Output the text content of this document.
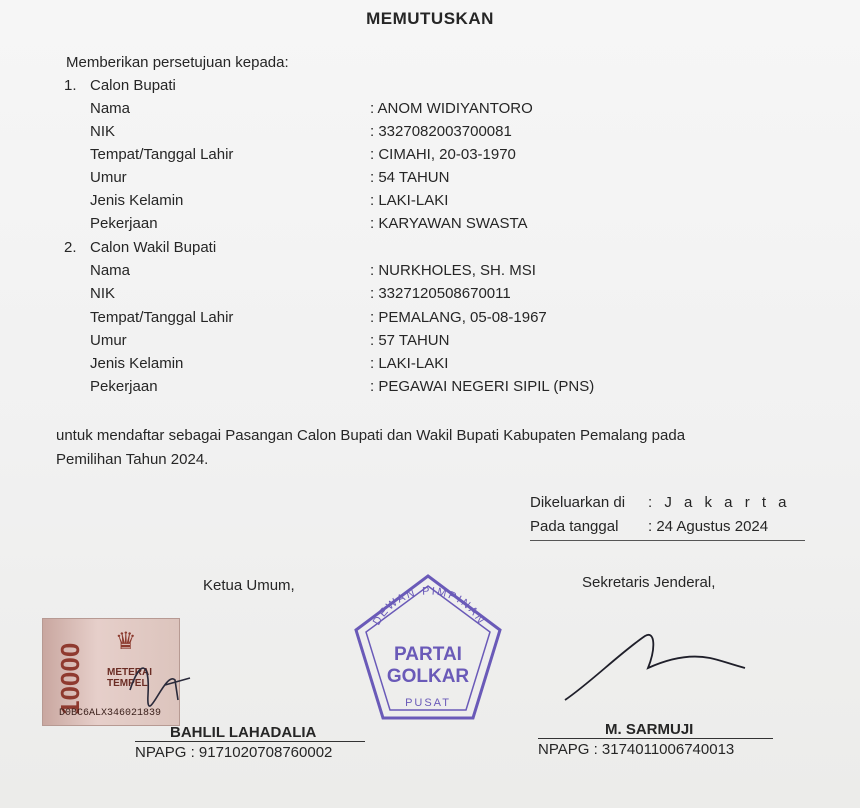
MEMUTUSKAN
Memberikan persetujuan kepada:
1. Calon Bupati
Nama	: ANOM WIDIYANTORO
NIK	: 3327082003700081
Tempat/Tanggal Lahir	: CIMAHI, 20-03-1970
Umur	: 54 TAHUN
Jenis Kelamin	: LAKI-LAKI
Pekerjaan	: KARYAWAN SWASTA
2. Calon Wakil Bupati
Nama	: NURKHOLES, SH. MSI
NIK	: 3327120508670011
Tempat/Tanggal Lahir	: PEMALANG, 05-08-1967
Umur	: 57 TAHUN
Jenis Kelamin	: LAKI-LAKI
Pekerjaan	: PEGAWAI NEGERI SIPIL (PNS)
untuk mendaftar sebagai Pasangan Calon Bupati dan Wakil Bupati Kabupaten Pemalang pada
Pemilihan Tahun 2024.
Dikeluarkan di : J a k a r t a
Pada tanggal : 24 Agustus 2024
Ketua Umum,	Sekretaris Jenderal,
10000
♛
METERAI
TEMPEL
D0BC6ALX346021839
DEWAN PIMPINAN
PARTAI
GOLKAR
PUSAT
BAHLIL LAHADALIA
NPAPG : 9171020708760002
M. SARMUJI
NPAPG : 3174011006740013
